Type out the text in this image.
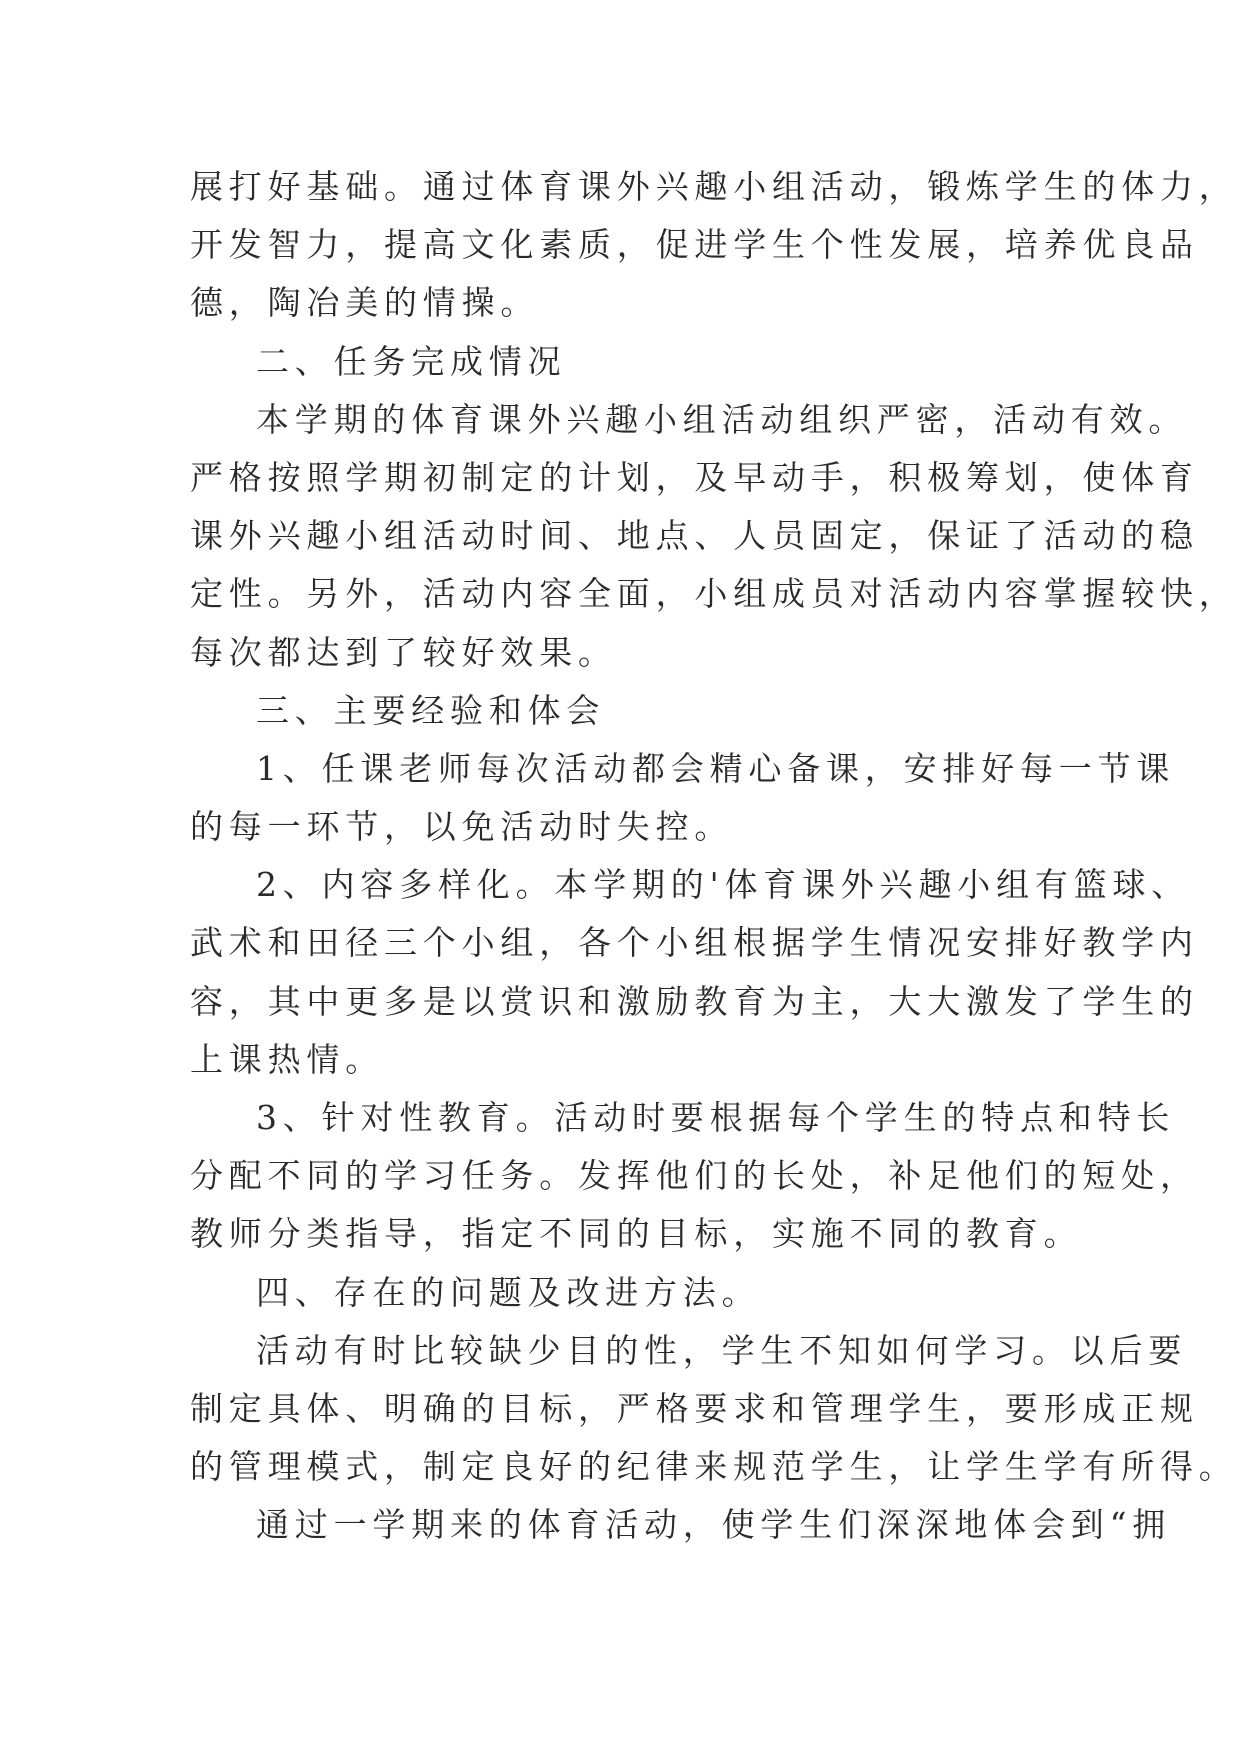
展打好基础。通过体育课外兴趣小组活动，锻炼学生的体力，
开发智力，提高文化素质，促进学生个性发展，培养优良品
德，陶冶美的情操。
二、任务完成情况
本学期的体育课外兴趣小组活动组织严密，活动有效。
严格按照学期初制定的计划，及早动手，积极筹划，使体育
课外兴趣小组活动时间、地点、人员固定，保证了活动的稳
定性。另外，活动内容全面，小组成员对活动内容掌握较快，
每次都达到了较好效果。
三、主要经验和体会
1、任课老师每次活动都会精心备课，安排好每一节课
的每一环节，以免活动时失控。
2、内容多样化。本学期的'体育课外兴趣小组有篮球、
武术和田径三个小组，各个小组根据学生情况安排好教学内
容，其中更多是以赏识和激励教育为主，大大激发了学生的
上课热情。
3、针对性教育。活动时要根据每个学生的特点和特长
分配不同的学习任务。发挥他们的长处，补足他们的短处，
教师分类指导，指定不同的目标，实施不同的教育。
四、存在的问题及改进方法。
活动有时比较缺少目的性，学生不知如何学习。以后要
制定具体、明确的目标，严格要求和管理学生，要形成正规
的管理模式，制定良好的纪律来规范学生，让学生学有所得。
通过一学期来的体育活动，使学生们深深地体会到“拥
